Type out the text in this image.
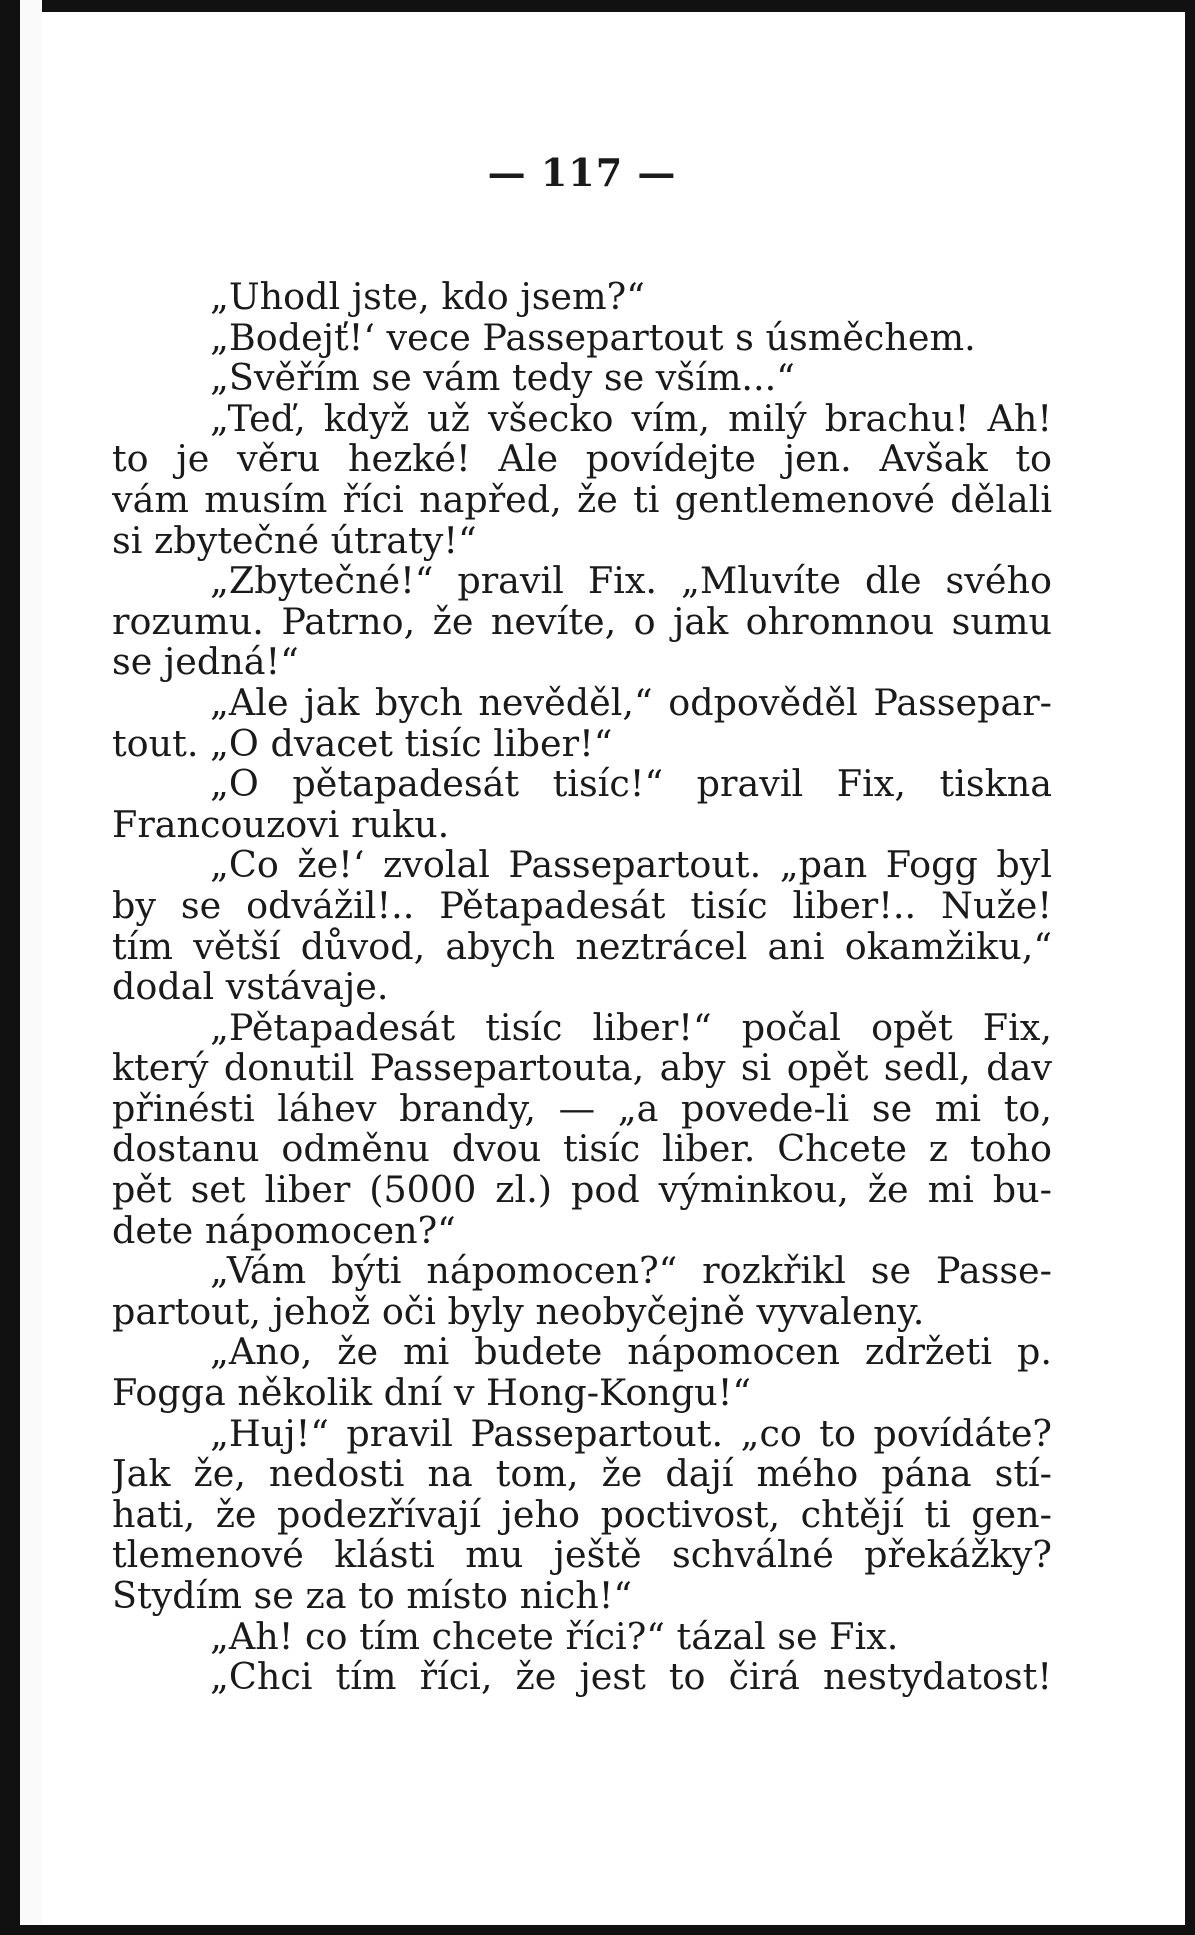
— 117 —
„Uhodl jste, kdo jsem?“
„Bodejť!‘ vece Passepartout s úsměchem.
„Svěřím se vám tedy se vším...“
„Teď, když už všecko vím, milý brachu! Ah!
to je věru hezké! Ale povídejte jen. Avšak to
vám musím říci napřed, že ti gentlemenové dělali
si zbytečné útraty!“
„Zbytečné!“ pravil Fix. „Mluvíte dle svého
rozumu. Patrno, že nevíte, o jak ohromnou sumu
se jedná!“
„Ale jak bych nevěděl,“ odpověděl Passepar-
tout. „O dvacet tisíc liber!“
„O pětapadesát tisíc!“ pravil Fix, tiskna
Francouzovi ruku.
„Co že!‘ zvolal Passepartout. „pan Fogg byl
by se odvážil!.. Pětapadesát tisíc liber!.. Nuže!
tím větší důvod, abych neztrácel ani okamžiku,“
dodal vstávaje.
„Pětapadesát tisíc liber!“ počal opět Fix,
který donutil Passepartouta, aby si opět sedl, dav
přinésti láhev brandy, — „a povede-li se mi to,
dostanu odměnu dvou tisíc liber. Chcete z toho
pět set liber (5000 zl.) pod výminkou, že mi bu-
dete nápomocen?“
„Vám býti nápomocen?“ rozkřikl se Passe-
partout, jehož oči byly neobyčejně vyvaleny.
„Ano, že mi budete nápomocen zdržeti p.
Fogga několik dní v Hong-Kongu!“
„Huj!“ pravil Passepartout. „co to povídáte?
Jak že, nedosti na tom, že dají mého pána stí-
hati, že podezřívají jeho poctivost, chtějí ti gen-
tlemenové klásti mu ještě schválné překážky?
Stydím se za to místo nich!“
„Ah! co tím chcete říci?“ tázal se Fix.
„Chci tím říci, že jest to čirá nestydatost!
